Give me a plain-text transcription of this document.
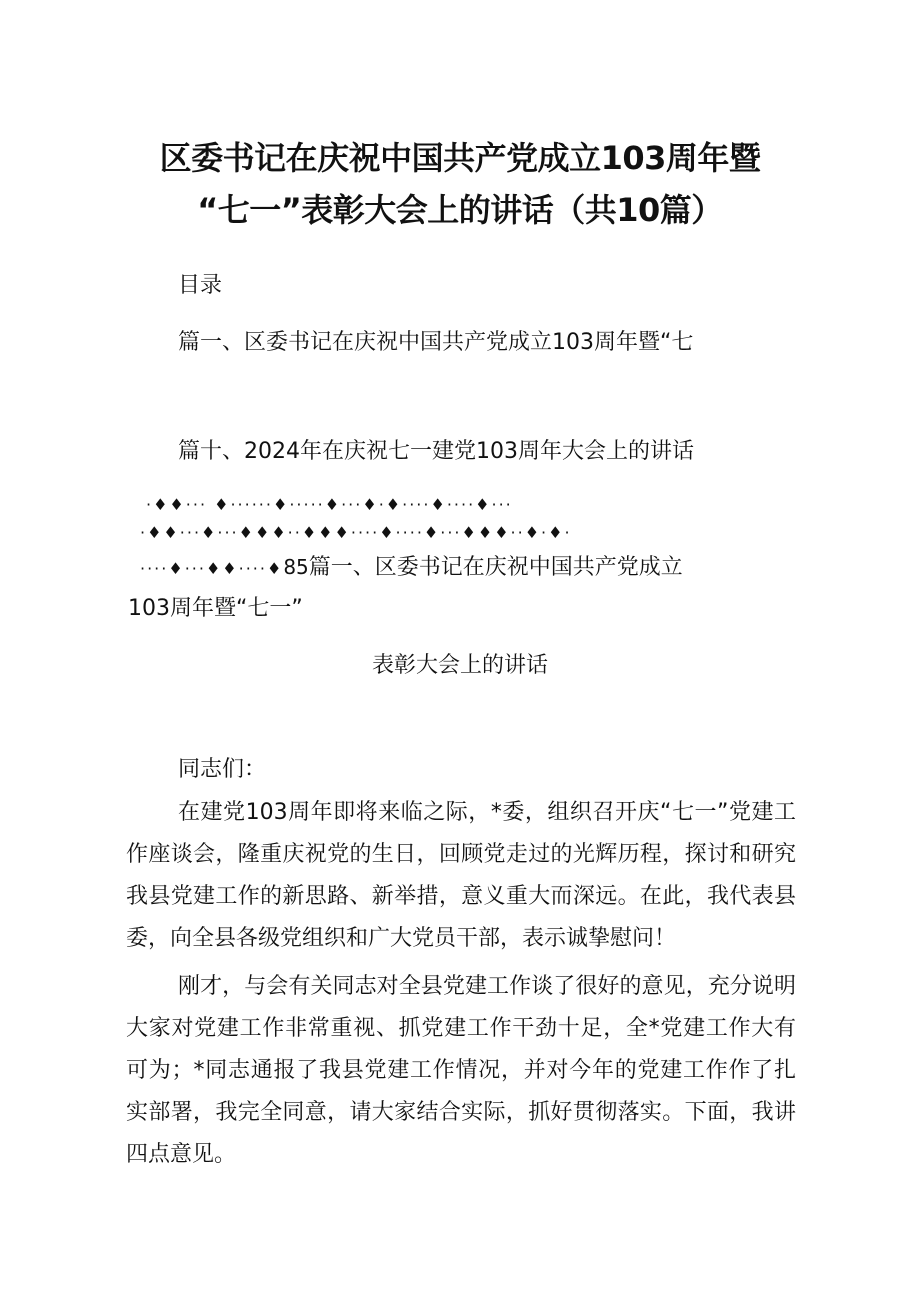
区委书记在庆祝中国共产党成立103周年暨
“七一”表彰大会上的讲话（共10篇）
目录
篇一、区委书记在庆祝中国共产党成立103周年暨“七
篇十、2024年在庆祝七一建党103周年大会上的讲话
·♦♦··· ♦······♦·····♦···♦·♦····♦····♦···
·♦♦···♦···♦♦♦··♦♦♦····♦····♦···♦♦♦··♦·♦·
····♦···♦♦····♦85篇一、区委书记在庆祝中国共产党成立
103周年暨“七一”
表彰大会上的讲话
同志们：
在建党103周年即将来临之际，*委，组织召开庆“七一”党建工作座谈会，隆重庆祝党的生日，回顾党走过的光辉历程，探讨和研究我县党建工作的新思路、新举措，意义重大而深远。在此，我代表县委，向全县各级党组织和广大党员干部，表示诚挚慰问！
刚才，与会有关同志对全县党建工作谈了很好的意见，充分说明大家对党建工作非常重视、抓党建工作干劲十足，全*党建工作大有可为；*同志通报了我县党建工作情况，并对今年的党建工作作了扎实部署，我完全同意，请大家结合实际，抓好贯彻落实。下面，我讲四点意见。
